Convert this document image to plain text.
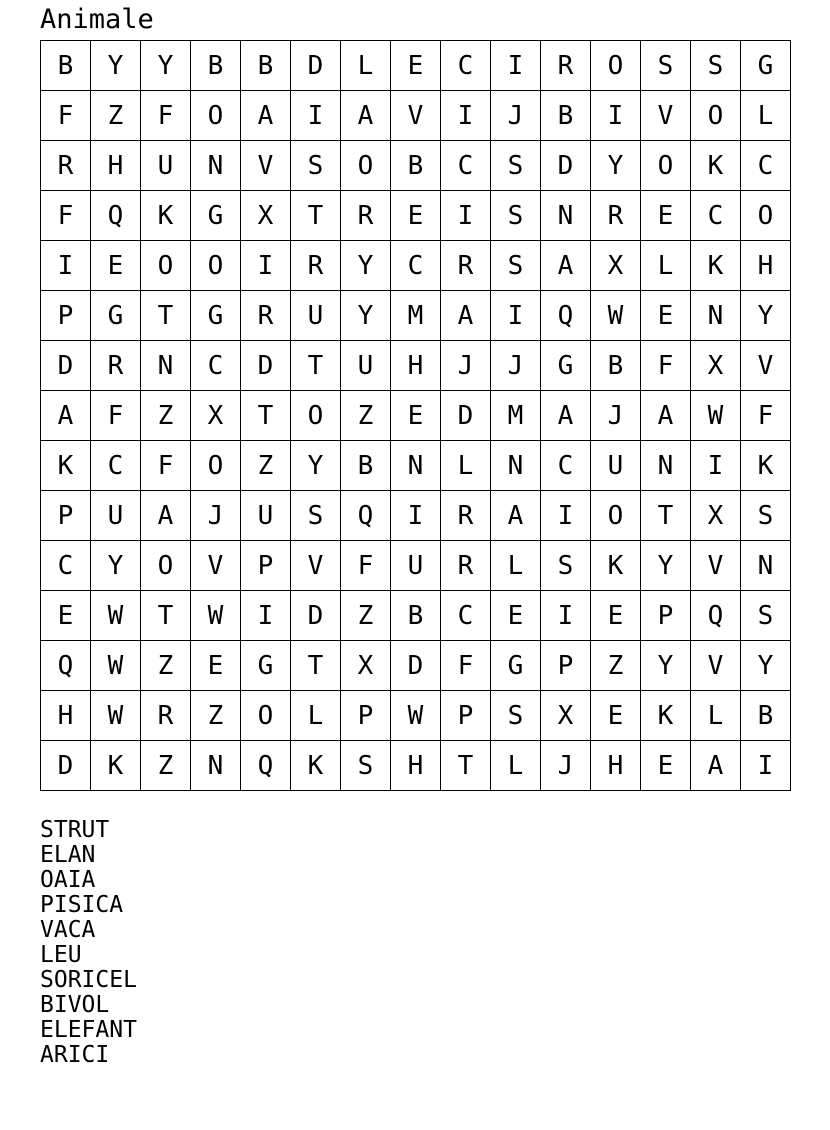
Animale
B	Y	Y	B	B	D	L	E	C	I	R	O	S	S	G
F	Z	F	O	A	I	A	V	I	J	B	I	V	O	L
R	H	U	N	V	S	O	B	C	S	D	Y	O	K	C
F	Q	K	G	X	T	R	E	I	S	N	R	E	C	O
I	E	O	O	I	R	Y	C	R	S	A	X	L	K	H
P	G	T	G	R	U	Y	M	A	I	Q	W	E	N	Y
D	R	N	C	D	T	U	H	J	J	G	B	F	X	V
A	F	Z	X	T	O	Z	E	D	M	A	J	A	W	F
K	C	F	O	Z	Y	B	N	L	N	C	U	N	I	K
P	U	A	J	U	S	Q	I	R	A	I	O	T	X	S
C	Y	O	V	P	V	F	U	R	L	S	K	Y	V	N
E	W	T	W	I	D	Z	B	C	E	I	E	P	Q	S
Q	W	Z	E	G	T	X	D	F	G	P	Z	Y	V	Y
H	W	R	Z	O	L	P	W	P	S	X	E	K	L	B
D	K	Z	N	Q	K	S	H	T	L	J	H	E	A	I
STRUT
ELAN
OAIA
PISICA
VACA
LEU
SORICEL
BIVOL
ELEFANT
ARICI
